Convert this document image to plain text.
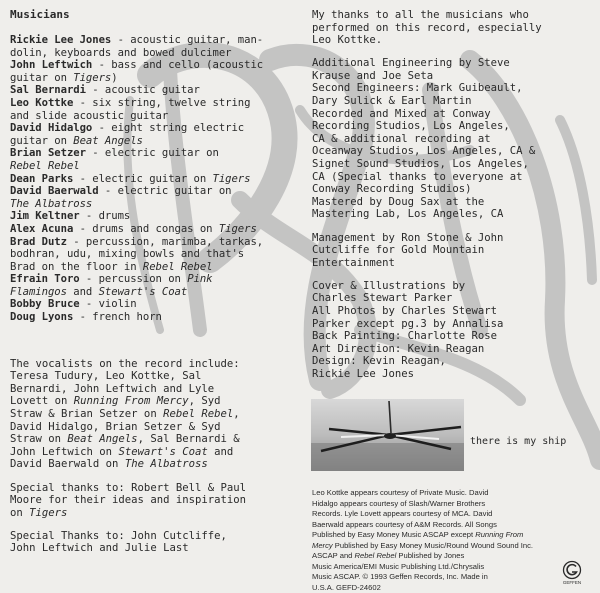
Musicians
Rickie Lee Jones - acoustic guitar, man-
dolin, keyboards and bowed dulcimer
John Leftwich - bass and cello (acoustic
guitar on Tigers)
Sal Bernardi - acoustic guitar
Leo Kottke - six string, twelve string
and slide acoustic guitar
David Hidalgo - eight string electric
guitar on Beat Angels
Brian Setzer - electric guitar on
Rebel Rebel
Dean Parks - electric guitar on Tigers
David Baerwald - electric guitar on
The Albatross
Jim Keltner - drums
Alex Acuna - drums and congas on Tigers
Brad Dutz - percussion, marimba, tarkas,
bodhran, udu, mixing bowls and that's
Brad on the floor in Rebel Rebel
Efrain Toro - percussion on Pink
Flamingos and Stewart's Coat
Bobby Bruce - violin
Doug Lyons - french horn
The vocalists on the record include:
Teresa Tudury, Leo Kottke, Sal
Bernardi, John Leftwich and Lyle
Lovett on Running From Mercy, Syd
Straw & Brian Setzer on Rebel Rebel,
David Hidalgo, Brian Setzer & Syd
Straw on Beat Angels, Sal Bernardi &
John Leftwich on Stewart's Coat and
David Baerwald on The Albatross
Special thanks to: Robert Bell & Paul
Moore for their ideas and inspiration
on Tigers
Special Thanks to: John Cutcliffe,
John Leftwich and Julie Last
My thanks to all the musicians who
performed on this record, especially
Leo Kottke.
Additional Engineering by Steve
Krause and Joe Seta
Second Engineers: Mark Guibeault,
Dary Sulick & Earl Martin
Recorded and Mixed at Conway
Recording Studios, Los Angeles,
CA & additional recording at
Oceanway Studios, Los Angeles, CA &
Signet Sound Studios, Los Angeles,
CA (Special thanks to everyone at
Conway Recording Studios)
Mastered by Doug Sax at the
Mastering Lab, Los Angeles, CA
Management by Ron Stone & John
Cutcliffe for Gold Mountain
Entertainment
Cover & Illustrations by
Charles Stewart Parker
All Photos by Charles Stewart
Parker except pg.3 by Annalisa
Back Painting: Charlotte Rose
Art Direction: Kevin Reagan
Design: Kevin Reagan,
Rickie Lee Jones
there is my ship
Leo Kottke appears courtesy of Private Music. David
Hidalgo appears courtesy of Slash/Warner Brothers
Records. Lyle Lovett appears courtesy of MCA. David
Baerwald appears courtesy of A&M Records. All Songs
Published by Easy Money Music ASCAP except Running From
Mercy Published by Easy Money Music/Round Wound Sound Inc.
ASCAP and Rebel Rebel Published by Jones
Music America/EMI Music Publishing Ltd./Chrysalis
Music ASCAP. © 1993 Geffen Records, Inc. Made in
U.S.A. GEFD-24602	GEFFEN
